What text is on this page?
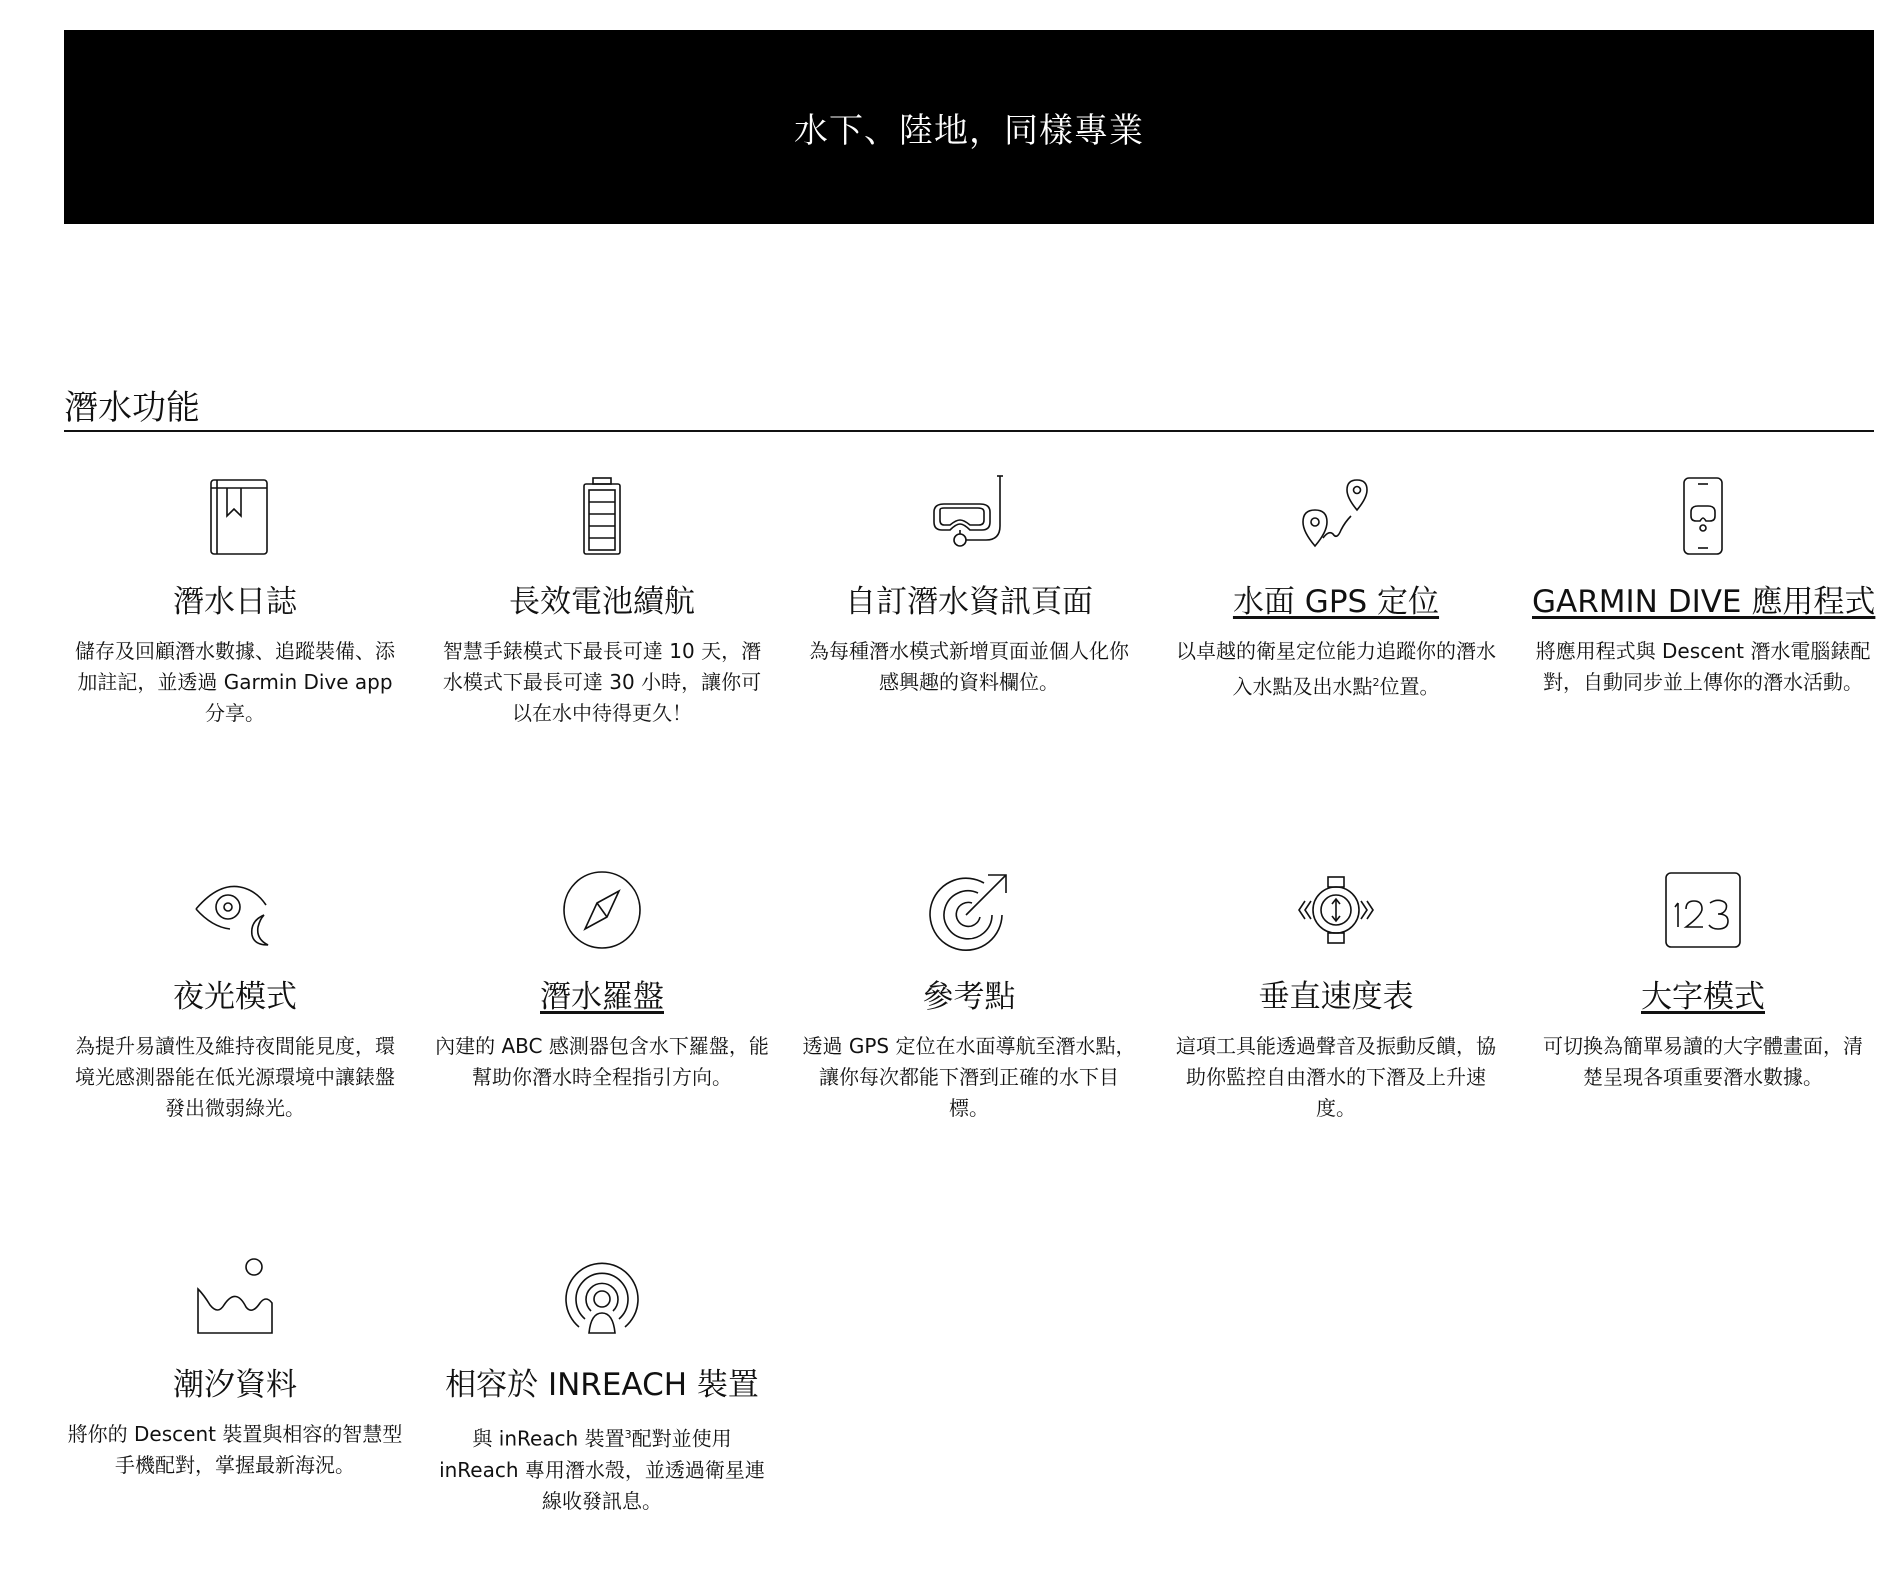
水下、陸地，同樣專業
潛水功能
潛水日誌
儲存及回顧潛水數據、追蹤裝備、添加註記，並透過 Garmin Dive app 分享。
長效電池續航
智慧手錶模式下最長可達 10 天，潛水模式下最長可達 30 小時，讓你可以在水中待得更久！
自訂潛水資訊頁面
為每種潛水模式新增頁面並個人化你感興趣的資料欄位。
水面 GPS 定位
以卓越的衛星定位能力追蹤你的潛水入水點及出水點$^2$位置。
GARMIN DIVE 應用程式
將應用程式與 Descent 潛水電腦錶配對，自動同步並上傳你的潛水活動。
夜光模式
為提升易讀性及維持夜間能見度，環境光感測器能在低光源環境中讓錶盤發出微弱綠光。
潛水羅盤
內建的 ABC 感測器包含水下羅盤，能幫助你潛水時全程指引方向。
參考點
透過 GPS 定位在水面導航至潛水點，讓你每次都能下潛到正確的水下目標。
垂直速度表
這項工具能透過聲音及振動反饋，協助你監控自由潛水的下潛及上升速度。
大字模式
可切換為簡單易讀的大字體畫面，清楚呈現各項重要潛水數據。
潮汐資料
將你的 Descent 裝置與相容的智慧型手機配對，掌握最新海況。
相容於 INREACH 裝置
與 inReach 裝置$^3$配對並使用 inReach 專用潛水殼，並透過衛星連線收發訊息。
